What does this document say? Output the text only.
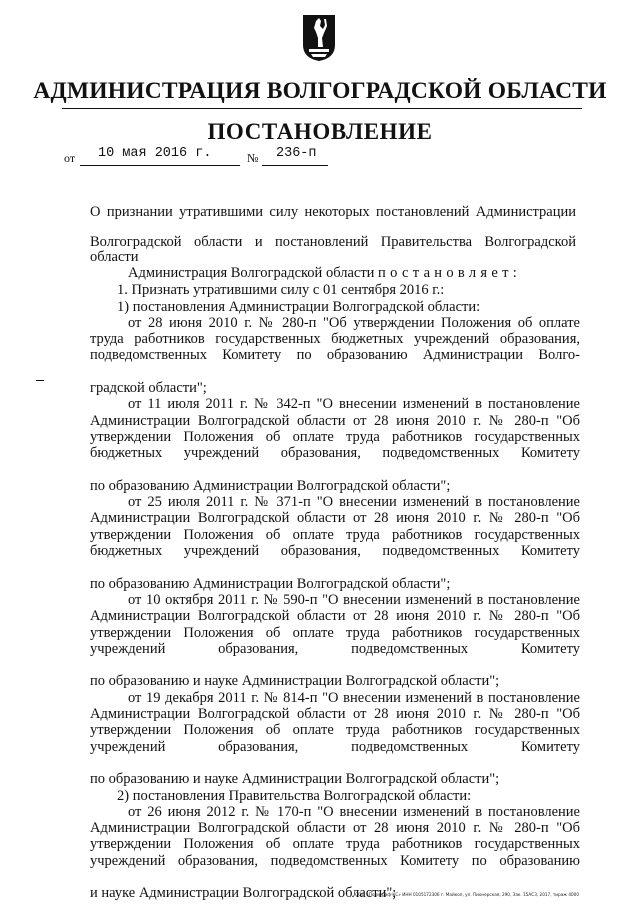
АДМИНИСТРАЦИЯ ВОЛГОГРАДСКОЙ ОБЛАСТИ
ПОСТАНОВЛЕНИЕ
от 10 мая 2016 г.	№ 236-п
О признании утратившими силу некоторых постановлений Администрации
Волгоградской области и постановлений Правительства Волгоградской области

Администрация Волгоградской области постановляет:

1. Признать утратившими силу с 01 сентября 2016 г.:

1) постановления Администрации Волгоградской области:

от 28 июня 2010 г. № 280-п "Об утверждении Положения об оплате труда работников государственных бюджетных учреждений образования, подведомственных Комитету по образованию Администрации Волго-

градской области";

от 11 июля 2011 г. № 342-п "О внесении изменений в постановление Администрации Волгоградской области от 28 июня 2010 г. № 280-п "Об утверждении Положения об оплате труда работников государственных бюджетных учреждений образования, подведомственных Комитету

по образованию Администрации Волгоградской области";

от 25 июля 2011 г. № 371-п "О внесении изменений в постановление Администрации Волгоградской области от 28 июня 2010 г. № 280-п "Об утверждении Положения об оплате труда работников государственных бюджетных учреждений образования, подведомственных Комитету

по образованию Администрации Волгоградской области";

от 10 октября 2011 г. № 590-п "О внесении изменений в постановление Администрации Волгоградской области от 28 июня 2010 г. № 280-п "Об утверждении Положения об оплате труда работников государственных учреждений образования, подведомственных Комитету

по образованию и науке Администрации Волгоградской области";

от 19 декабря 2011 г. № 814-п "О внесении изменений в постановление Администрации Волгоградской области от 28 июня 2010 г. № 280-п "Об утверждении Положения об оплате труда работников государственных учреждений образования, подведомственных Комитету

по образованию и науке Администрации Волгоградской области";

2) постановления Правительства Волгоградской области:

от 26 июня 2012 г. № 170-п "О внесении изменений в постановление Администрации Волгоградской области от 28 июня 2010 г. № 280-п "Об утверждении Положения об оплате труда работников государственных учреждений образования, подведомственных Комитету по образованию

и науке Администрации Волгоградской области";

ООО «Полиграф-КС» ИНН 0105172306 г. Майкоп, ул. Пионерская, 290, Зак. 15АСЗ, 2017, тираж 4000
